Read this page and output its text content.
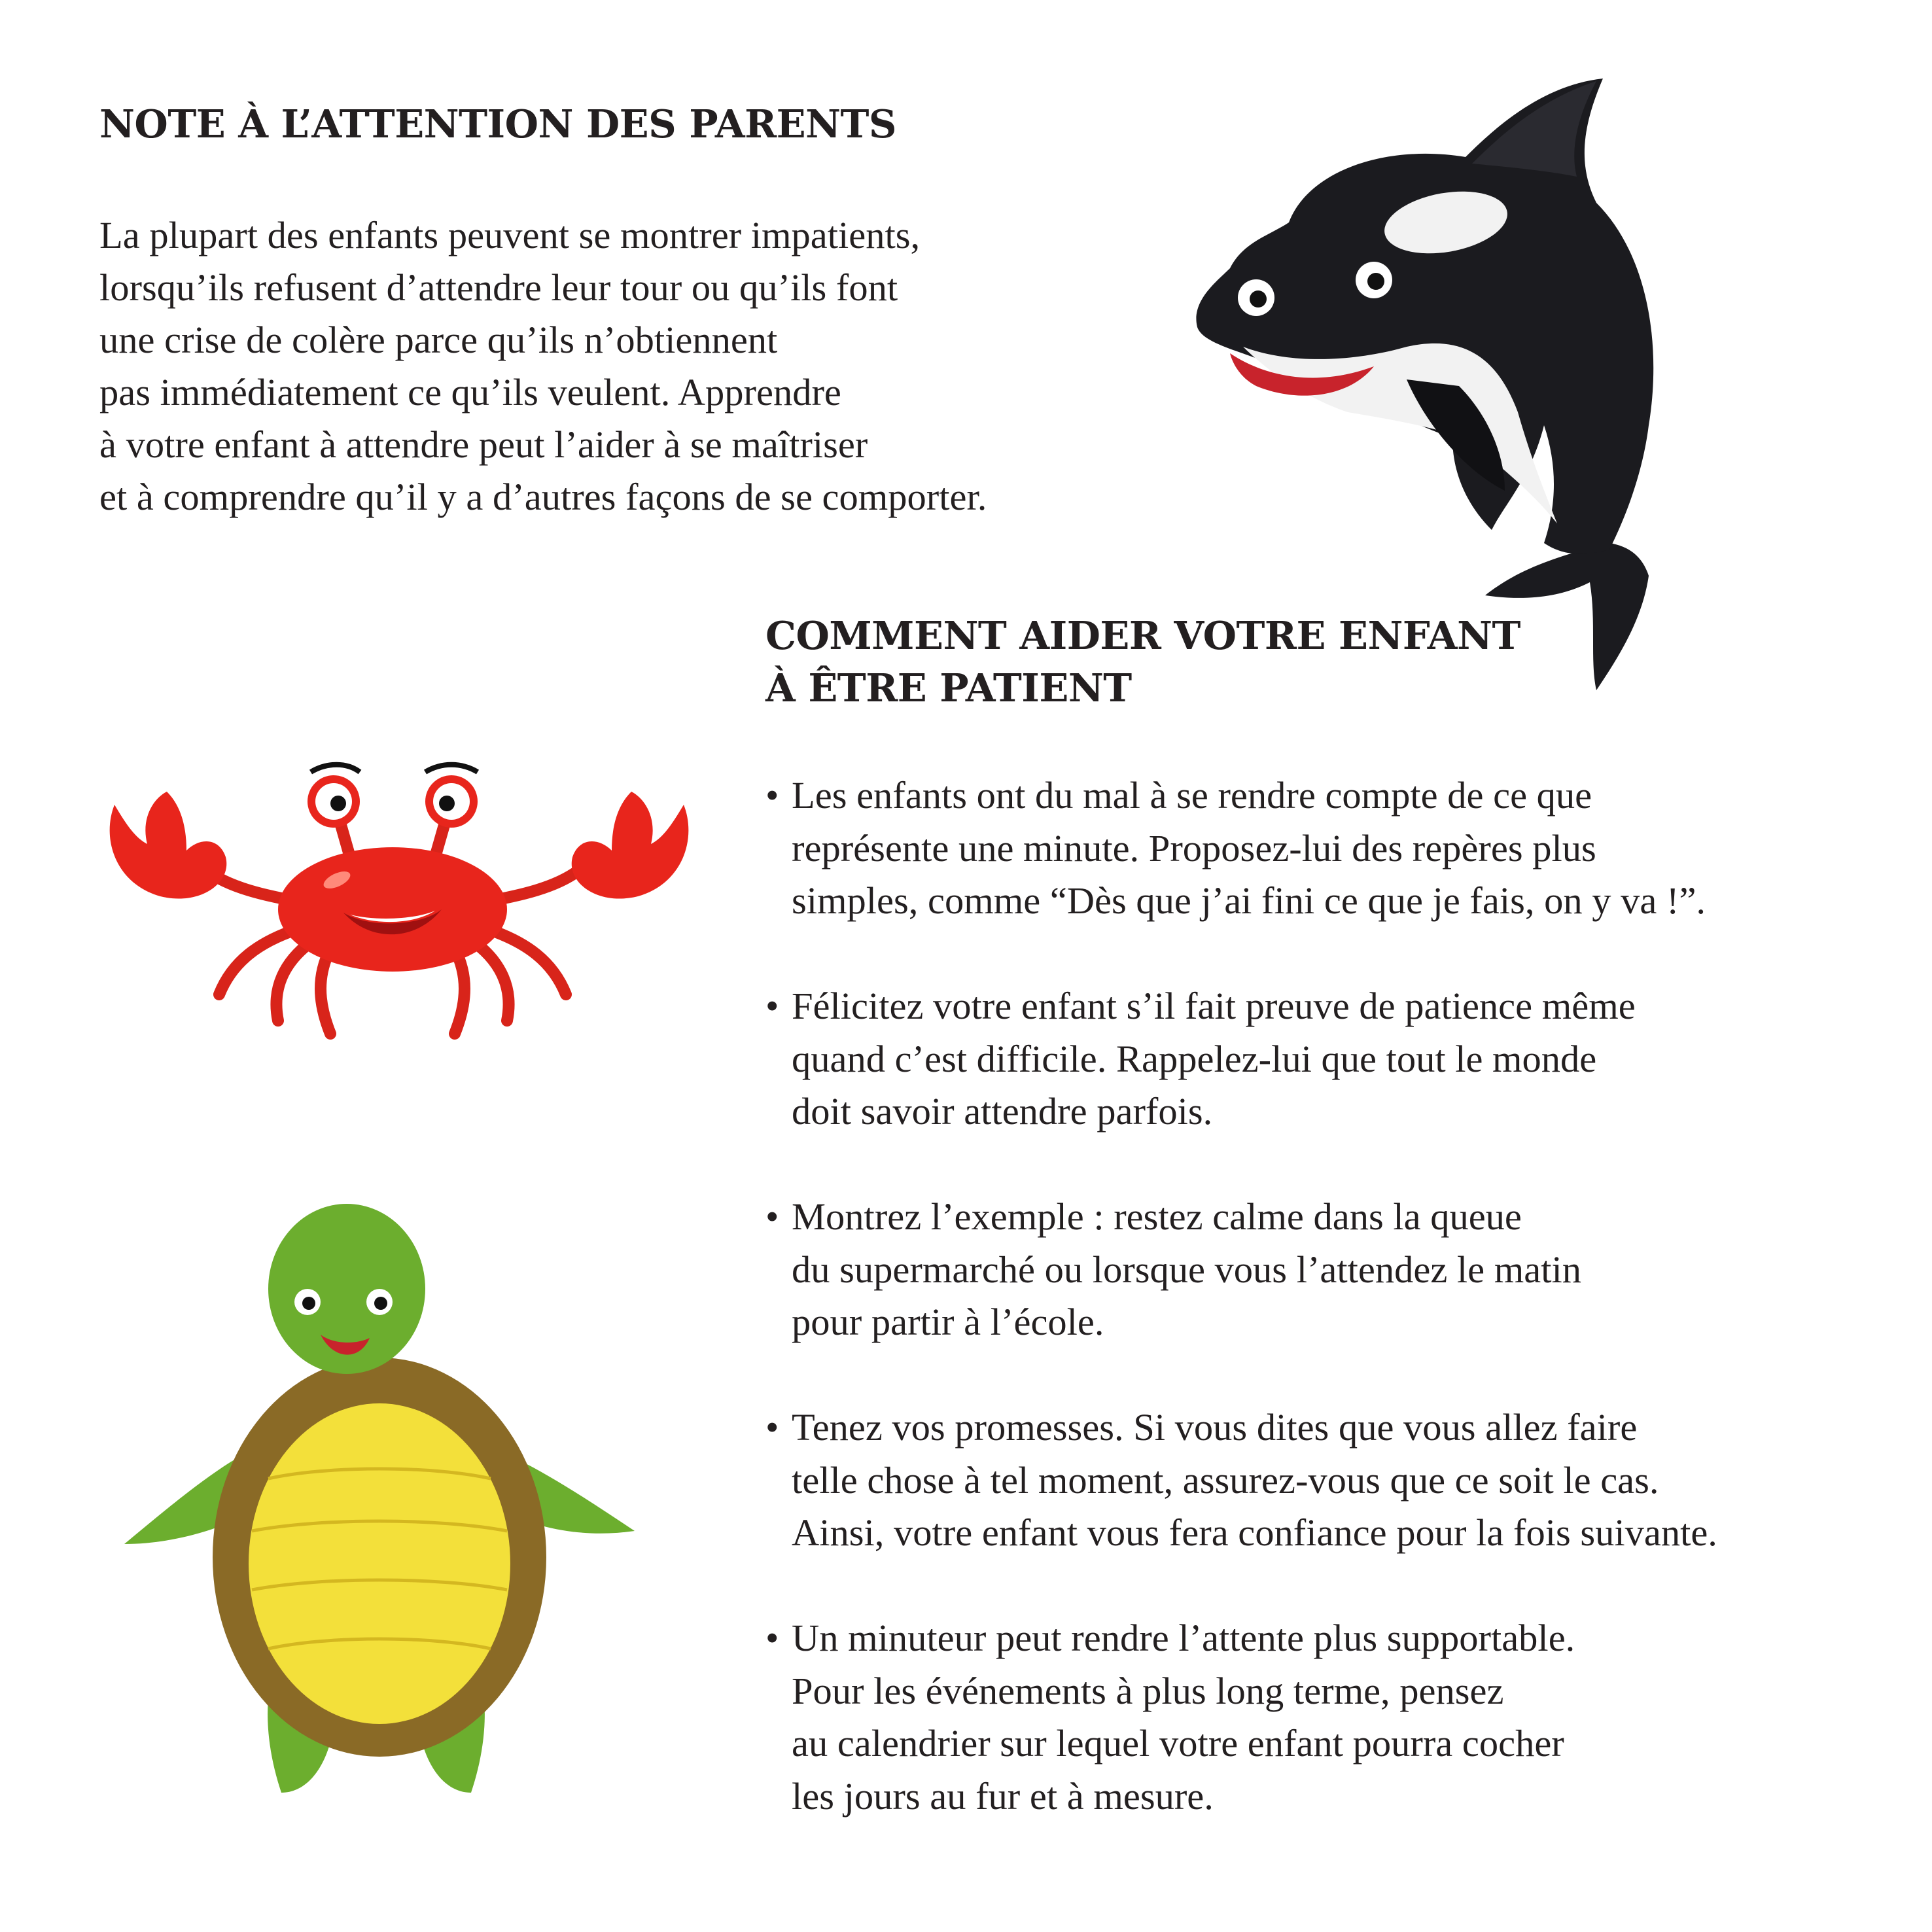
NOTE À L’ATTENTION DES PARENTS

La plupart des enfants peuvent se montrer impatients,
lorsqu’ils refusent d’attendre leur tour ou qu’ils font
une crise de colère parce qu’ils n’obtiennent
pas immédiatement ce qu’ils veulent. Apprendre
à votre enfant à attendre peut l’aider à se maîtriser
et à comprendre qu’il y a d’autres façons de se comporter.

COMMENT AIDER VOTRE ENFANT
À ÊTRE PATIENT
• Les enfants ont du mal à se rendre compte de ce que
représente une minute. Proposez-lui des repères plus
simples, comme “Dès que j’ai fini ce que je fais, on y va !”.
• Félicitez votre enfant s’il fait preuve de patience même
quand c’est difficile. Rappelez-lui que tout le monde
doit savoir attendre parfois.
• Montrez l’exemple : restez calme dans la queue
du supermarché ou lorsque vous l’attendez le matin
pour partir à l’école.
• Tenez vos promesses. Si vous dites que vous allez faire
telle chose à tel moment, assurez-vous que ce soit le cas.
Ainsi, votre enfant vous fera confiance pour la fois suivante.
• Un minuteur peut rendre l’attente plus supportable.
Pour les événements à plus long terme, pensez
au calendrier sur lequel votre enfant pourra cocher
les jours au fur et à mesure.
